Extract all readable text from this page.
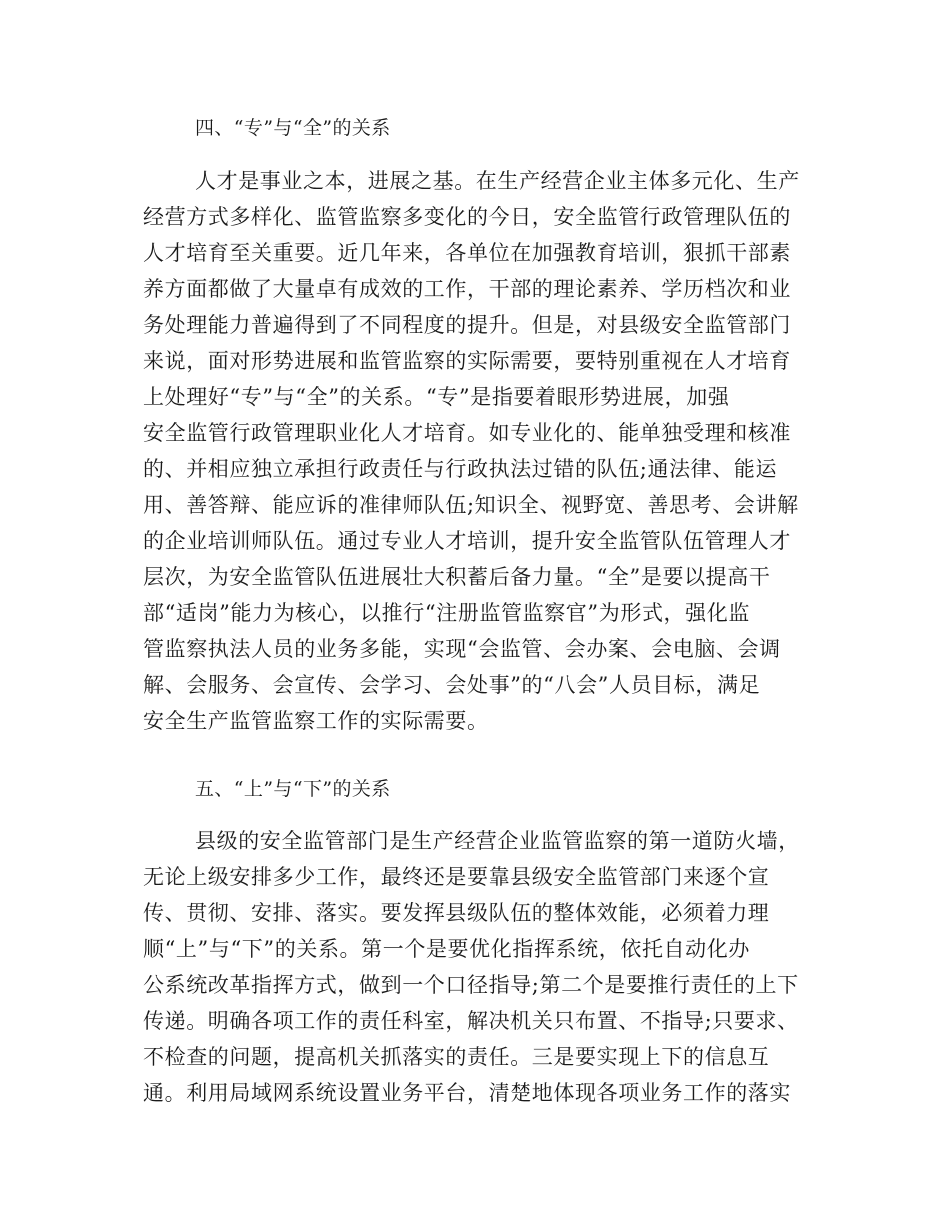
四、“专”与“全”的关系
人才是事业之本，进展之基。在生产经营企业主体多元化、生产
经营方式多样化、监管监察多变化的今日，安全监管行政管理队伍的
人才培育至关重要。近几年来，各单位在加强教育培训，狠抓干部素
养方面都做了大量卓有成效的工作，干部的理论素养、学历档次和业
务处理能力普遍得到了不同程度的提升。但是，对县级安全监管部门
来说，面对形势进展和监管监察的实际需要，要特别重视在人才培育
上处理好“专”与“全”的关系。“专”是指要着眼形势进展，加强
安全监管行政管理职业化人才培育。如专业化的、能单独受理和核准
的、并相应独立承担行政责任与行政执法过错的队伍;通法律、能运
用、善答辩、能应诉的准律师队伍;知识全、视野宽、善思考、会讲解
的企业培训师队伍。通过专业人才培训，提升安全监管队伍管理人才
层次，为安全监管队伍进展壮大积蓄后备力量。“全”是要以提高干
部“适岗”能力为核心，以推行“注册监管监察官”为形式，强化监
管监察执法人员的业务多能，实现“会监管、会办案、会电脑、会调
解、会服务、会宣传、会学习、会处事”的“八会”人员目标，满足
安全生产监管监察工作的实际需要。
五、“上”与“下”的关系
县级的安全监管部门是生产经营企业监管监察的第一道防火墙，
无论上级安排多少工作，最终还是要靠县级安全监管部门来逐个宣
传、贯彻、安排、落实。要发挥县级队伍的整体效能，必须着力理
顺“上”与“下”的关系。第一个是要优化指挥系统，依托自动化办
公系统改革指挥方式，做到一个口径指导;第二个是要推行责任的上下
传递。明确各项工作的责任科室，解决机关只布置、不指导;只要求、
不检查的问题，提高机关抓落实的责任。三是要实现上下的信息互
通。利用局域网系统设置业务平台，清楚地体现各项业务工作的落实
